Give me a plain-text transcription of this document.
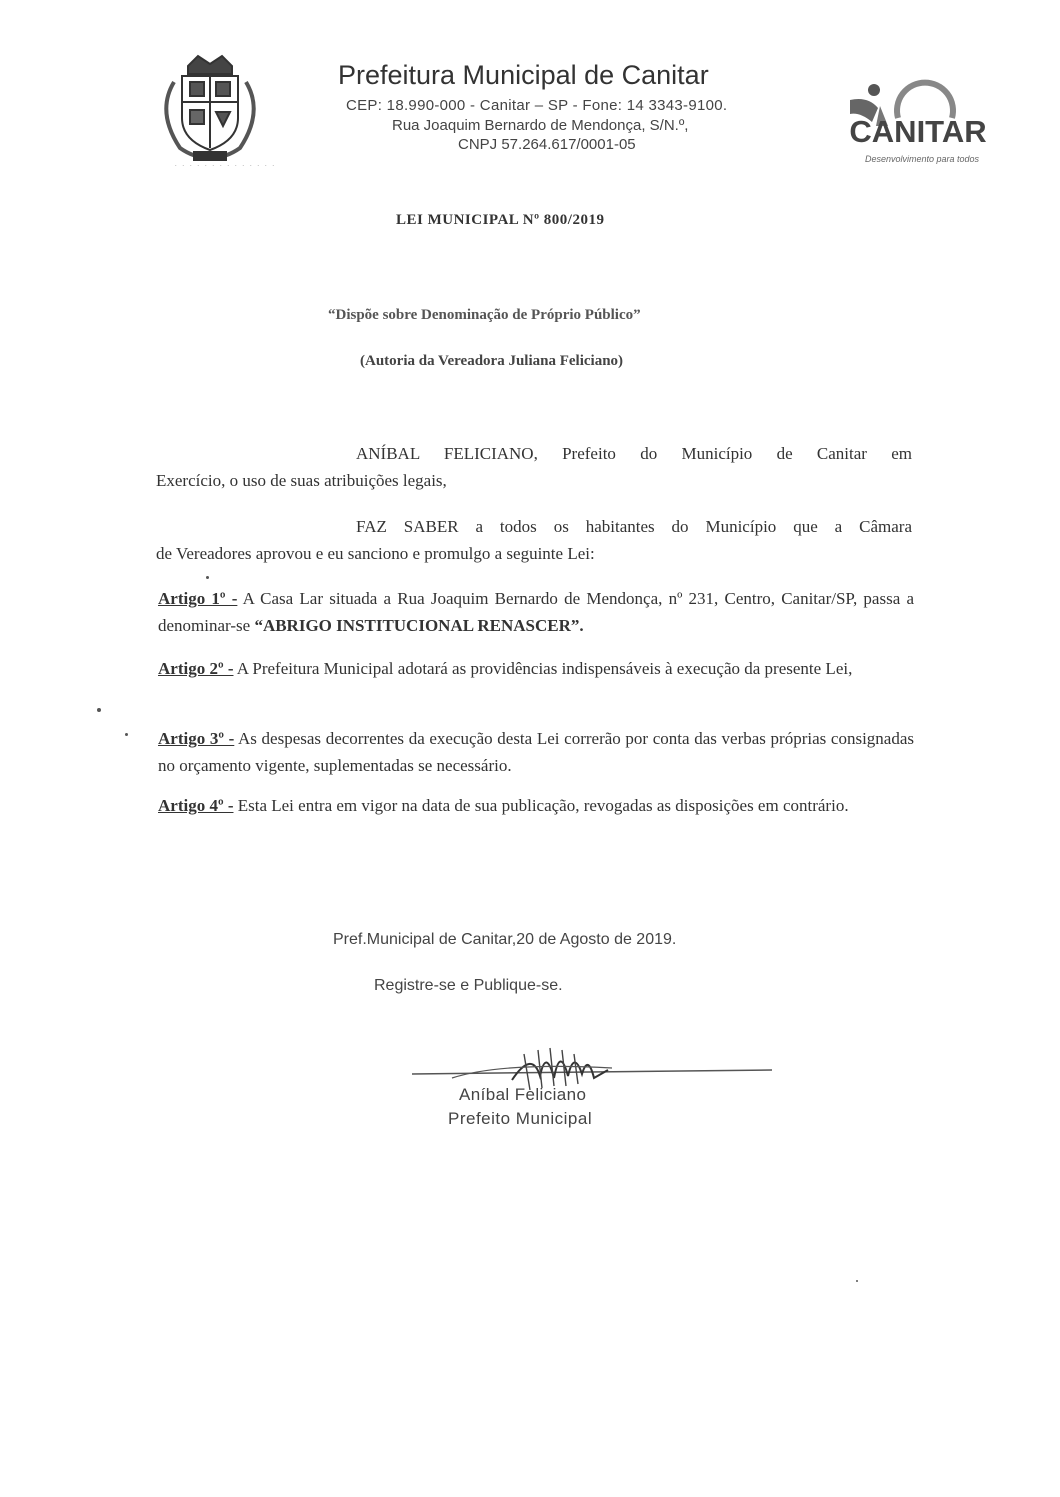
· · · · · · · · · · · · · ·
Prefeitura Municipal de Canitar
CEP: 18.990-000 - Canitar – SP - Fone: 14 3343-9100.
Rua Joaquim Bernardo de Mendonça, S/N.º,
CNPJ 57.264.617/0001-05	CANITAR
Desenvolvimento para todos
LEI MUNICIPAL Nº 800/2019
“Dispõe sobre Denominação de Próprio Público”
(Autoria da Vereadora Juliana Feliciano)
ANÍBAL FELICIANO, Prefeito do Município de Canitar em
Exercício, o uso de suas atribuições legais,
FAZ SABER a todos os habitantes do Município que a Câmara
de Vereadores aprovou e eu sanciono e promulgo a seguinte Lei:
Artigo 1º - A Casa Lar situada a Rua Joaquim Bernardo de Mendonça, nº 231, Centro, Canitar/SP, passa a denominar-se “ABRIGO INSTITUCIONAL RENASCER”.
Artigo 2º - A Prefeitura Municipal adotará as providências indispensáveis à execução da presente Lei,
Artigo 3º - As despesas decorrentes da execução desta Lei correrão por conta das verbas próprias consignadas no orçamento vigente, suplementadas se necessário.
Artigo 4º - Esta Lei entra em vigor na data de sua publicação, revogadas as disposições em contrário.
Pref.Municipal de Canitar,20 de Agosto de 2019.
Registre-se e Publique-se.
Aníbal Feliciano
Prefeito Municipal
